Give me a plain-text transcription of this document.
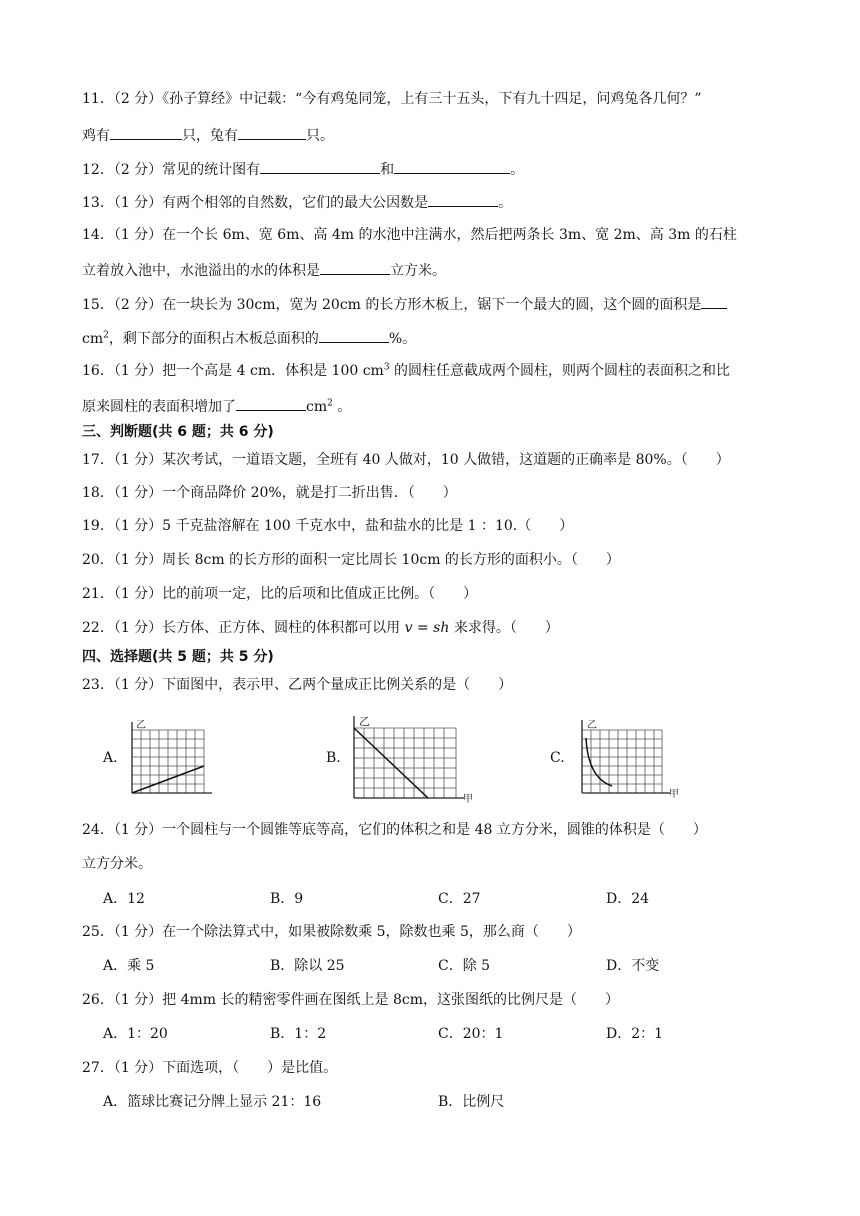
11．（2 分）《孙子算经》中记载：“今有鸡兔同笼，上有三十五头，下有九十四足，问鸡兔各几何？”
鸡有	只，兔有	只。
12．（2 分）常见的统计图有	和	。
13．（1 分）有两个相邻的自然数，它们的最大公因数是	。
14．（1 分）在一个长 6m、宽 6m、高 4m 的水池中注满水，然后把两条长 3m、宽 2m、高 3m 的石柱
立着放入池中，水池溢出的水的体积是	立方米。
15．（2 分）在一块长为 30cm，宽为 20cm 的长方形木板上，锯下一个最大的圆，这个圆的面积是
$cm^2$，剩下部分的面积占木板总面积的	%。
16．（1 分）把一个高是 4 cm．体积是 100 $cm^3$ 的圆柱任意截成两个圆柱，则两个圆柱的表面积之和比
原来圆柱的表面积增加了	$cm^2$ 。
三、判断题(共 6 题；共 6 分)
17．（1 分）某次考试，一道语文题，全班有 40 人做对，10 人做错，这道题的正确率是 80%。（　　）
18．（1 分）一个商品降价 20%，就是打二折出售．（　　）
19．（1 分）5 千克盐溶解在 100 千克水中，盐和盐水的比是 1 ：10.（　　）
20．（1 分）周长 8cm 的长方形的面积一定比周长 10cm 的长方形的面积小。（　　）
21．（1 分）比的前项一定，比的后项和比值成正比例。（　　）
22．（1 分）长方体、正方体、圆柱的体积都可以用 v = sh 来求得。（　　）
四、选择题(共 5 题；共 5 分)
23．（1 分）下面图中，表示甲、乙两个量成正比例关系的是（　　）
A.	B.	C.
乙	乙
甲
乙
甲
24．（1 分）一个圆柱与一个圆锥等底等高，它们的体积之和是 48 立方分米，圆锥的体积是（　　）
立方分米。
A．12	B．9	C．27	D．24
25．（1 分）在一个除法算式中，如果被除数乘 5，除数也乘 5，那么商（　　）
A．乘 5	B．除以 25	C．除 5	D．不变
26．（1 分）把 4mm 长的精密零件画在图纸上是 8cm，这张图纸的比例尺是（　　）
A．1：20	B．1：2	C．20：1	D．2：1
27．（1 分）下面选项，（　　）是比值。
A．篮球比赛记分牌上显示 21：16	B．比例尺
